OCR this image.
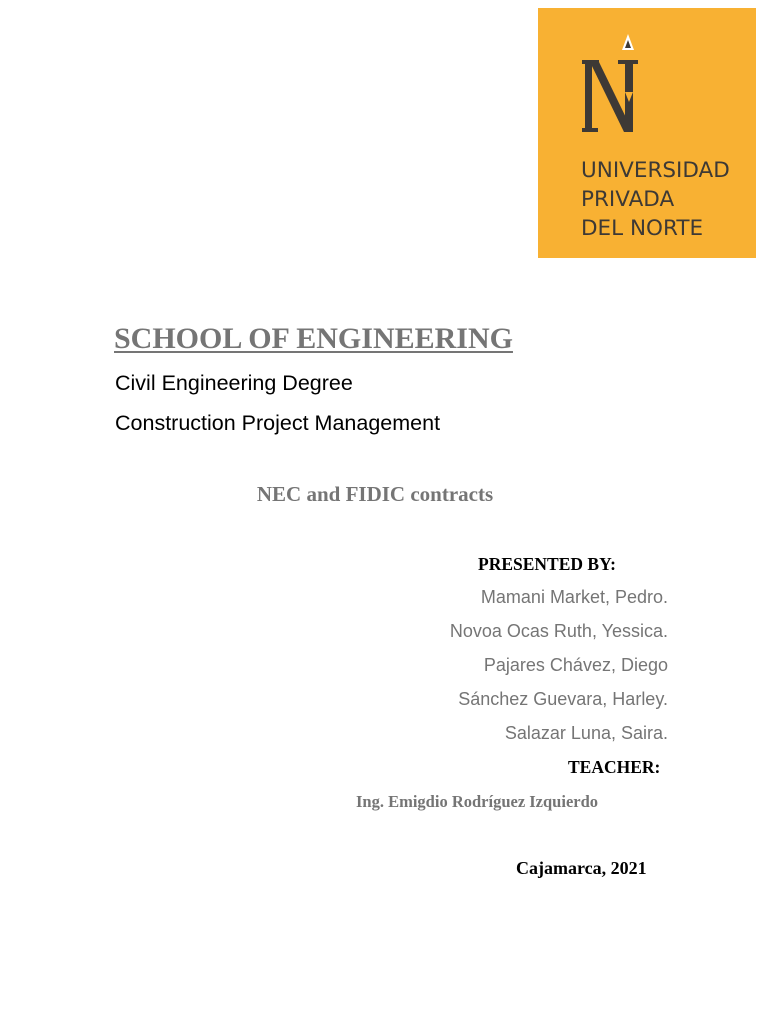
UNIVERSIDAD
PRIVADA
DEL NORTE
SCHOOL OF ENGINEERING
Civil Engineering Degree
Construction Project Management
NEC and FIDIC contracts
PRESENTED BY:
Mamani Market, Pedro.
Novoa Ocas Ruth, Yessica.
Pajares Chávez, Diego
Sánchez Guevara, Harley.
Salazar Luna, Saira.
TEACHER:
Ing. Emigdio Rodríguez Izquierdo
Cajamarca, 2021
